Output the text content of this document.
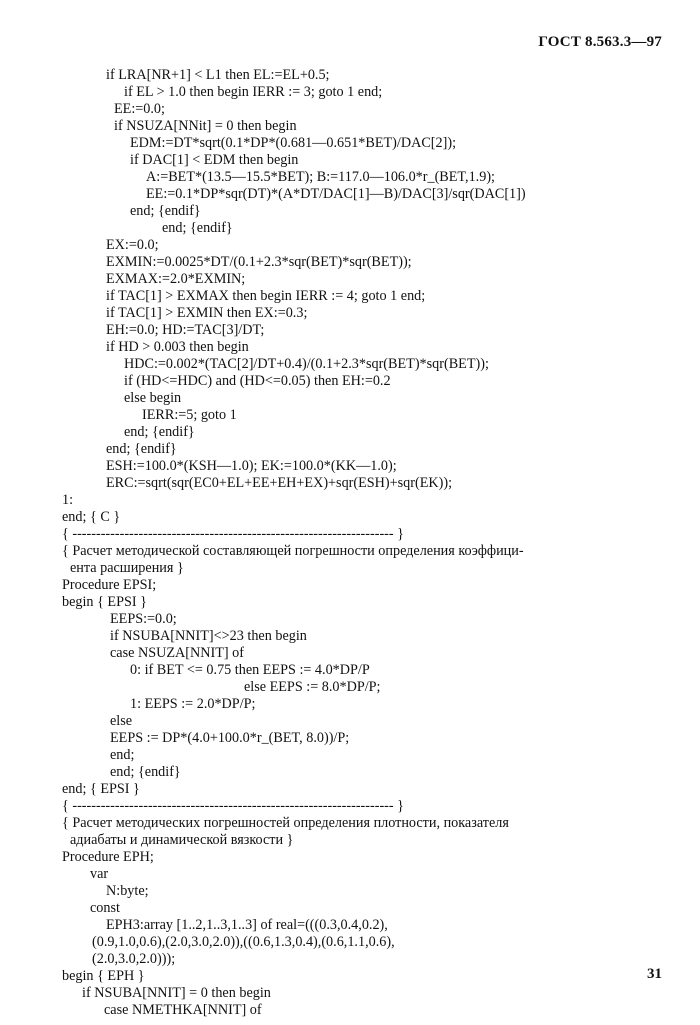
ГОСТ 8.563.3—97
if LRA[NR+1] < L1 then EL:=EL+0.5;
if EL > 1.0 then begin IERR := 3; goto 1 end;
EE:=0.0;
if NSUZA[NNit] = 0 then begin
EDM:=DT*sqrt(0.1*DP*(0.681—0.651*BET)/DAC[2]);
if DAC[1] < EDM then begin
A:=BET*(13.5—15.5*BET); B:=117.0—106.0*r_(BET,1.9);
EE:=0.1*DP*sqr(DT)*(A*DT/DAC[1]—B)/DAC[3]/sqr(DAC[1])
end; {endif}
end; {endif}
EX:=0.0;
EXMIN:=0.0025*DT/(0.1+2.3*sqr(BET)*sqr(BET));
EXMAX:=2.0*EXMIN;
if TAC[1] > EXMAX then begin IERR := 4; goto 1 end;
if TAC[1] > EXMIN then EX:=0.3;
EH:=0.0; HD:=TAC[3]/DT;
if HD > 0.003 then begin
HDC:=0.002*(TAC[2]/DT+0.4)/(0.1+2.3*sqr(BET)*sqr(BET));
if (HD<=HDC) and (HD<=0.05) then EH:=0.2
else begin
IERR:=5; goto 1
end; {endif}
end; {endif}
ESH:=100.0*(KSH—1.0); EK:=100.0*(KK—1.0);
ERC:=sqrt(sqr(EC0+EL+EE+EH+EX)+sqr(ESH)+sqr(EK));
1:
end; { C }
{ -------------------------------------------------------------------- }
{ Расчет методической составляющей погрешности определения коэффици-
ента расширения }
Procedure EPSI;
begin { EPSI }
EEPS:=0.0;
if NSUBA[NNIT]<>23 then begin
case NSUZA[NNIT] of
0: if BET <= 0.75 then EEPS := 4.0*DP/P
else EEPS := 8.0*DP/P;
1: EEPS := 2.0*DP/P;
else
EEPS := DP*(4.0+100.0*r_(BET, 8.0))/P;
end;
end; {endif}
end; { EPSI }
{ -------------------------------------------------------------------- }
{ Расчет методических погрешностей определения плотности, показателя
адиабаты и динамической вязкости }
Procedure EPH;
var
N:byte;
const
EPH3:array [1..2,1..3,1..3] of real=(((0.3,0.4,0.2),
(0.9,1.0,0.6),(2.0,3.0,2.0)),((0.6,1.3,0.4),(0.6,1.1,0.6),
(2.0,3.0,2.0)));
begin { EPH }
if NSUBA[NNIT] = 0 then begin
case NMETHKA[NNIT] of
31
